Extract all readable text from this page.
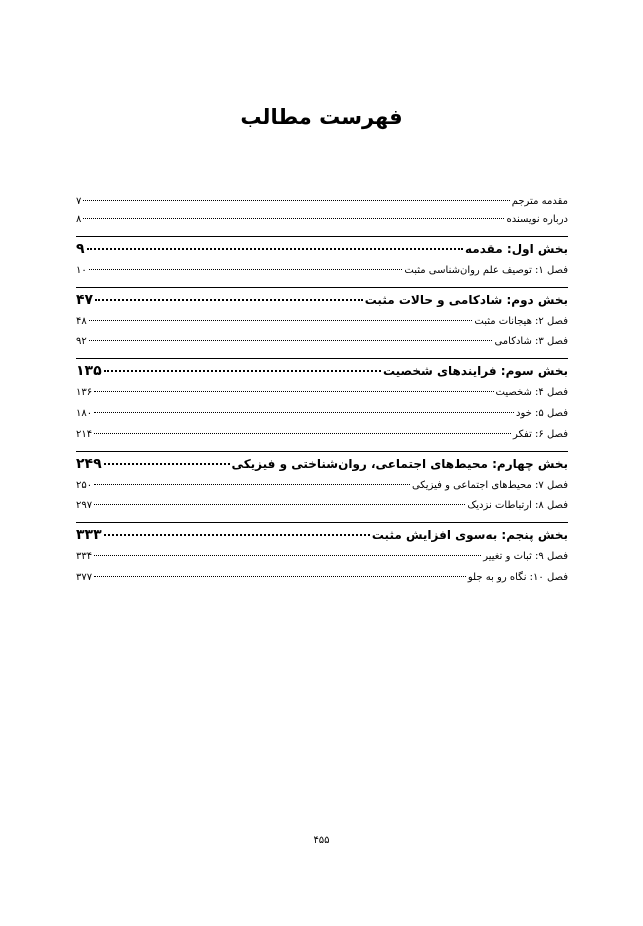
فهرست مطالب
مقدمه مترجم
۷
درباره نویسنده
۸
بخش اول: مقدمه
۹
فصل ۱: توصیف علم روان‌شناسی مثبت
۱۰
بخش دوم: شادکامی و حالات مثبت
۴۷
فصل ۲: هیجانات مثبت
۴۸
فصل ۳: شادکامی
۹۲
بخش سوم: فرایندهای شخصیت
۱۳۵
فصل ۴: شخصیت
۱۳۶
فصل ۵: خود
۱۸۰
فصل ۶: تفکر
۲۱۴
بخش چهارم: محیط‌های اجتماعی، روان‌شناختی و فیزیکی
۲۴۹
فصل ۷: محیط‌های اجتماعی و فیزیکی
۲۵۰
فصل ۸: ارتباطات نزدیک
۲۹۷
بخش پنجم: به‌سوی افزایش مثبت
۳۳۳
فصل ۹: ثبات و تغییر
۳۳۴
فصل ۱۰: نگاه رو به جلو
۳۷۷
۴۵۵
